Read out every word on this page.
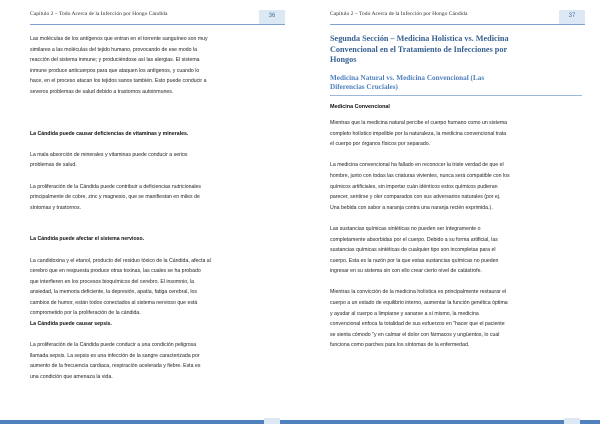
Capítulo 2 – Todo Acerca de la Infección por Hongo Cándida	36

Las moléculas de los antígenos que entran en el torrente sanguíneo son muy

similares a las moléculas del tejido humano, provocando de ese modo la

reacción del sistema inmune; y produciéndose así las alergias. El sistema

inmune produce anticuerpos para que ataquen los antígenos, y cuando lo

hace, en el proceso atacan los tejidos sanos también. Esto puede conducir a

severos problemas de salud debido a trastornos autoinmunes.

La Cándida puede causar deficiencias de vitaminas y minerales.

La mala absorción de minerales y vitaminas puede conducir a serios

problemas de salud.

La proliferación de la Cándida puede contribuir a deficiencias nutricionales

principalmente de cobre, zinc y magnesio, que se manifiestan en miles de

síntomas y trastornos.

La Cándida puede afectar el sistema nervioso.

La candidoxina y el etanol, producto del residuo tóxico de la Cándida, afecta al

cerebro que en respuesta produce otras toxinas, las cuales se ha probado

que interfieren en los procesos bioquímicos del cerebro. El insomnio, la

ansiedad, la memoria deficiente, la depresión, apatía, fatiga cerebral, los

cambios de humor, están todos conectados al sistema nervioso que está

comprometido por la proliferación de la cándida.

La Cándida puede causar sepsis.

La proliferación de la Cándida puede conducir a una condición peligrosa

llamada sepsis. La sepsis es una infección de la sangre caracterizada por

aumento de la frecuencia cardiaca, respiración acelerada y fiebre. Esta es

una condición que amenaza la vida.

Capítulo 2 – Todo Acerca de la Infección por Hongo Cándida	37
Segunda Sección – Medicina Holística vs. Medicina
Convencional en el Tratamiento de Infecciones por
Hongos
Medicina Natural vs. Medicina Convencional (Las
Diferencias Cruciales)

Medicina Convencional

Mientras que la medicina natural percibe el cuerpo humano como un sistema

completo holístico impelible por la naturaleza, la medicina convencional trata

el cuerpo por órganos físicos por separado.

La medicina convencional ha fallado en reconocer la triste verdad de que el

hombre, junto con todas las criaturas vivientes, nunca será compatible con los

químicos artificiales, sin importar cuán idénticos estos químicos pudieran

parecer, sentirse y oler comparados con sus adversarios naturales (por ej.

Una bebida con sabor a naranja contra una naranja recién exprimida.).

Las sustancias químicas sintéticas no pueden ser íntegramente o

completamente absorbidas por el cuerpo. Debido a su forma artificial, las

sustancias químicas sintéticas de cualquier tipo son incompletas para el

cuerpo. Esta es la razón por la que estas sustancias químicas no pueden

ingresar en su sistema sin con ello crear cierto nivel de catástrofe.

Mientras la convicción de la medicina holística es principalmente restaurar el

cuerpo a un estado de equilibrio interno, aumentar la función genética óptima

y ayudar al cuerpo a limpiarse y sanarse a sí mismo, la medicina

convencional enfoca la totalidad de sus esfuerzos en "hacer que el paciente

se sienta cómodo "y en calmar el dolor con fármacos y ungüentos, lo cual

funciona como parches para los síntomas de la enfermedad.
